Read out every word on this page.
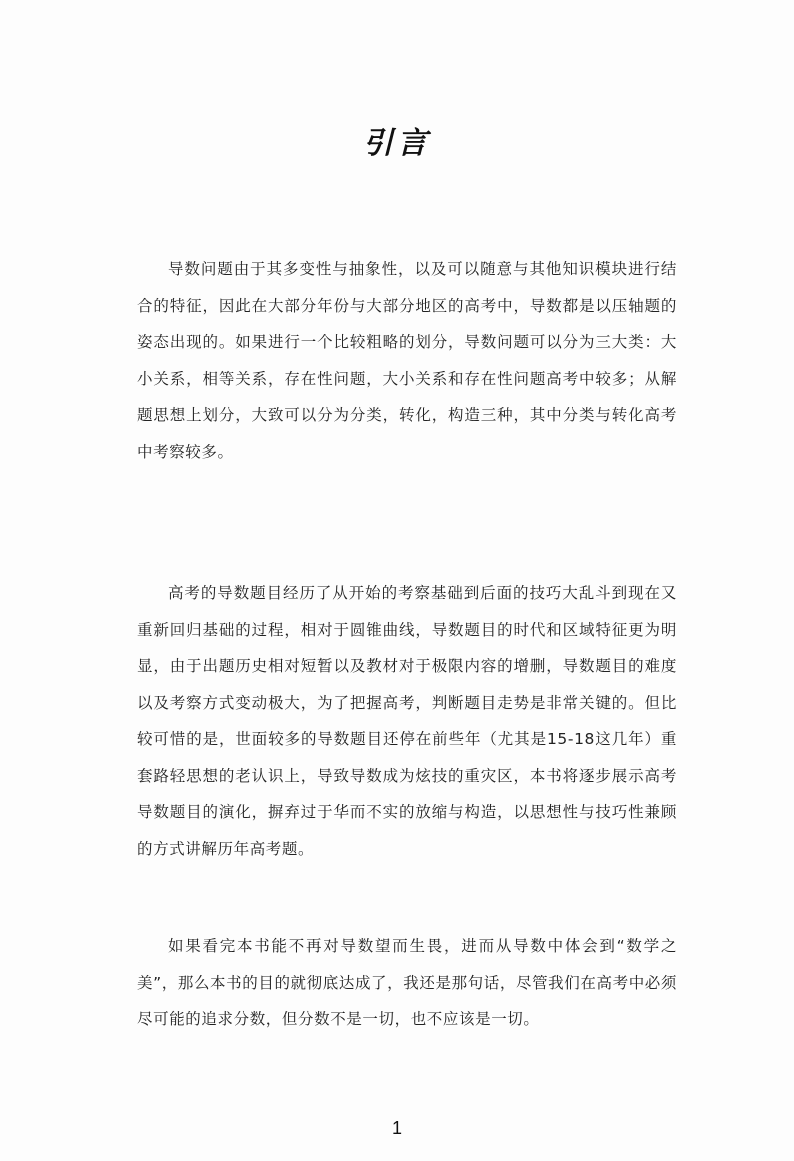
引言

导数问题由于其多变性与抽象性，以及可以随意与其他知识模块进行结合的特征，因此在大部分年份与大部分地区的高考中，导数都是以压轴题的姿态出现的。如果进行一个比较粗略的划分，导数问题可以分为三大类：大小关系，相等关系，存在性问题，大小关系和存在性问题高考中较多；从解题思想上划分，大致可以分为分类，转化，构造三种，其中分类与转化高考中考察较多。

高考的导数题目经历了从开始的考察基础到后面的技巧大乱斗到现在又重新回归基础的过程，相对于圆锥曲线，导数题目的时代和区域特征更为明显，由于出题历史相对短暂以及教材对于极限内容的增删，导数题目的难度以及考察方式变动极大，为了把握高考，判断题目走势是非常关键的。但比较可惜的是，世面较多的导数题目还停在前些年（尤其是15-18这几年）重套路轻思想的老认识上，导致导数成为炫技的重灾区，本书将逐步展示高考导数题目的演化，摒弃过于华而不实的放缩与构造，以思想性与技巧性兼顾的方式讲解历年高考题。

如果看完本书能不再对导数望而生畏，进而从导数中体会到“数学之美”，那么本书的目的就彻底达成了，我还是那句话，尽管我们在高考中必须尽可能的追求分数，但分数不是一切，也不应该是一切。

1
